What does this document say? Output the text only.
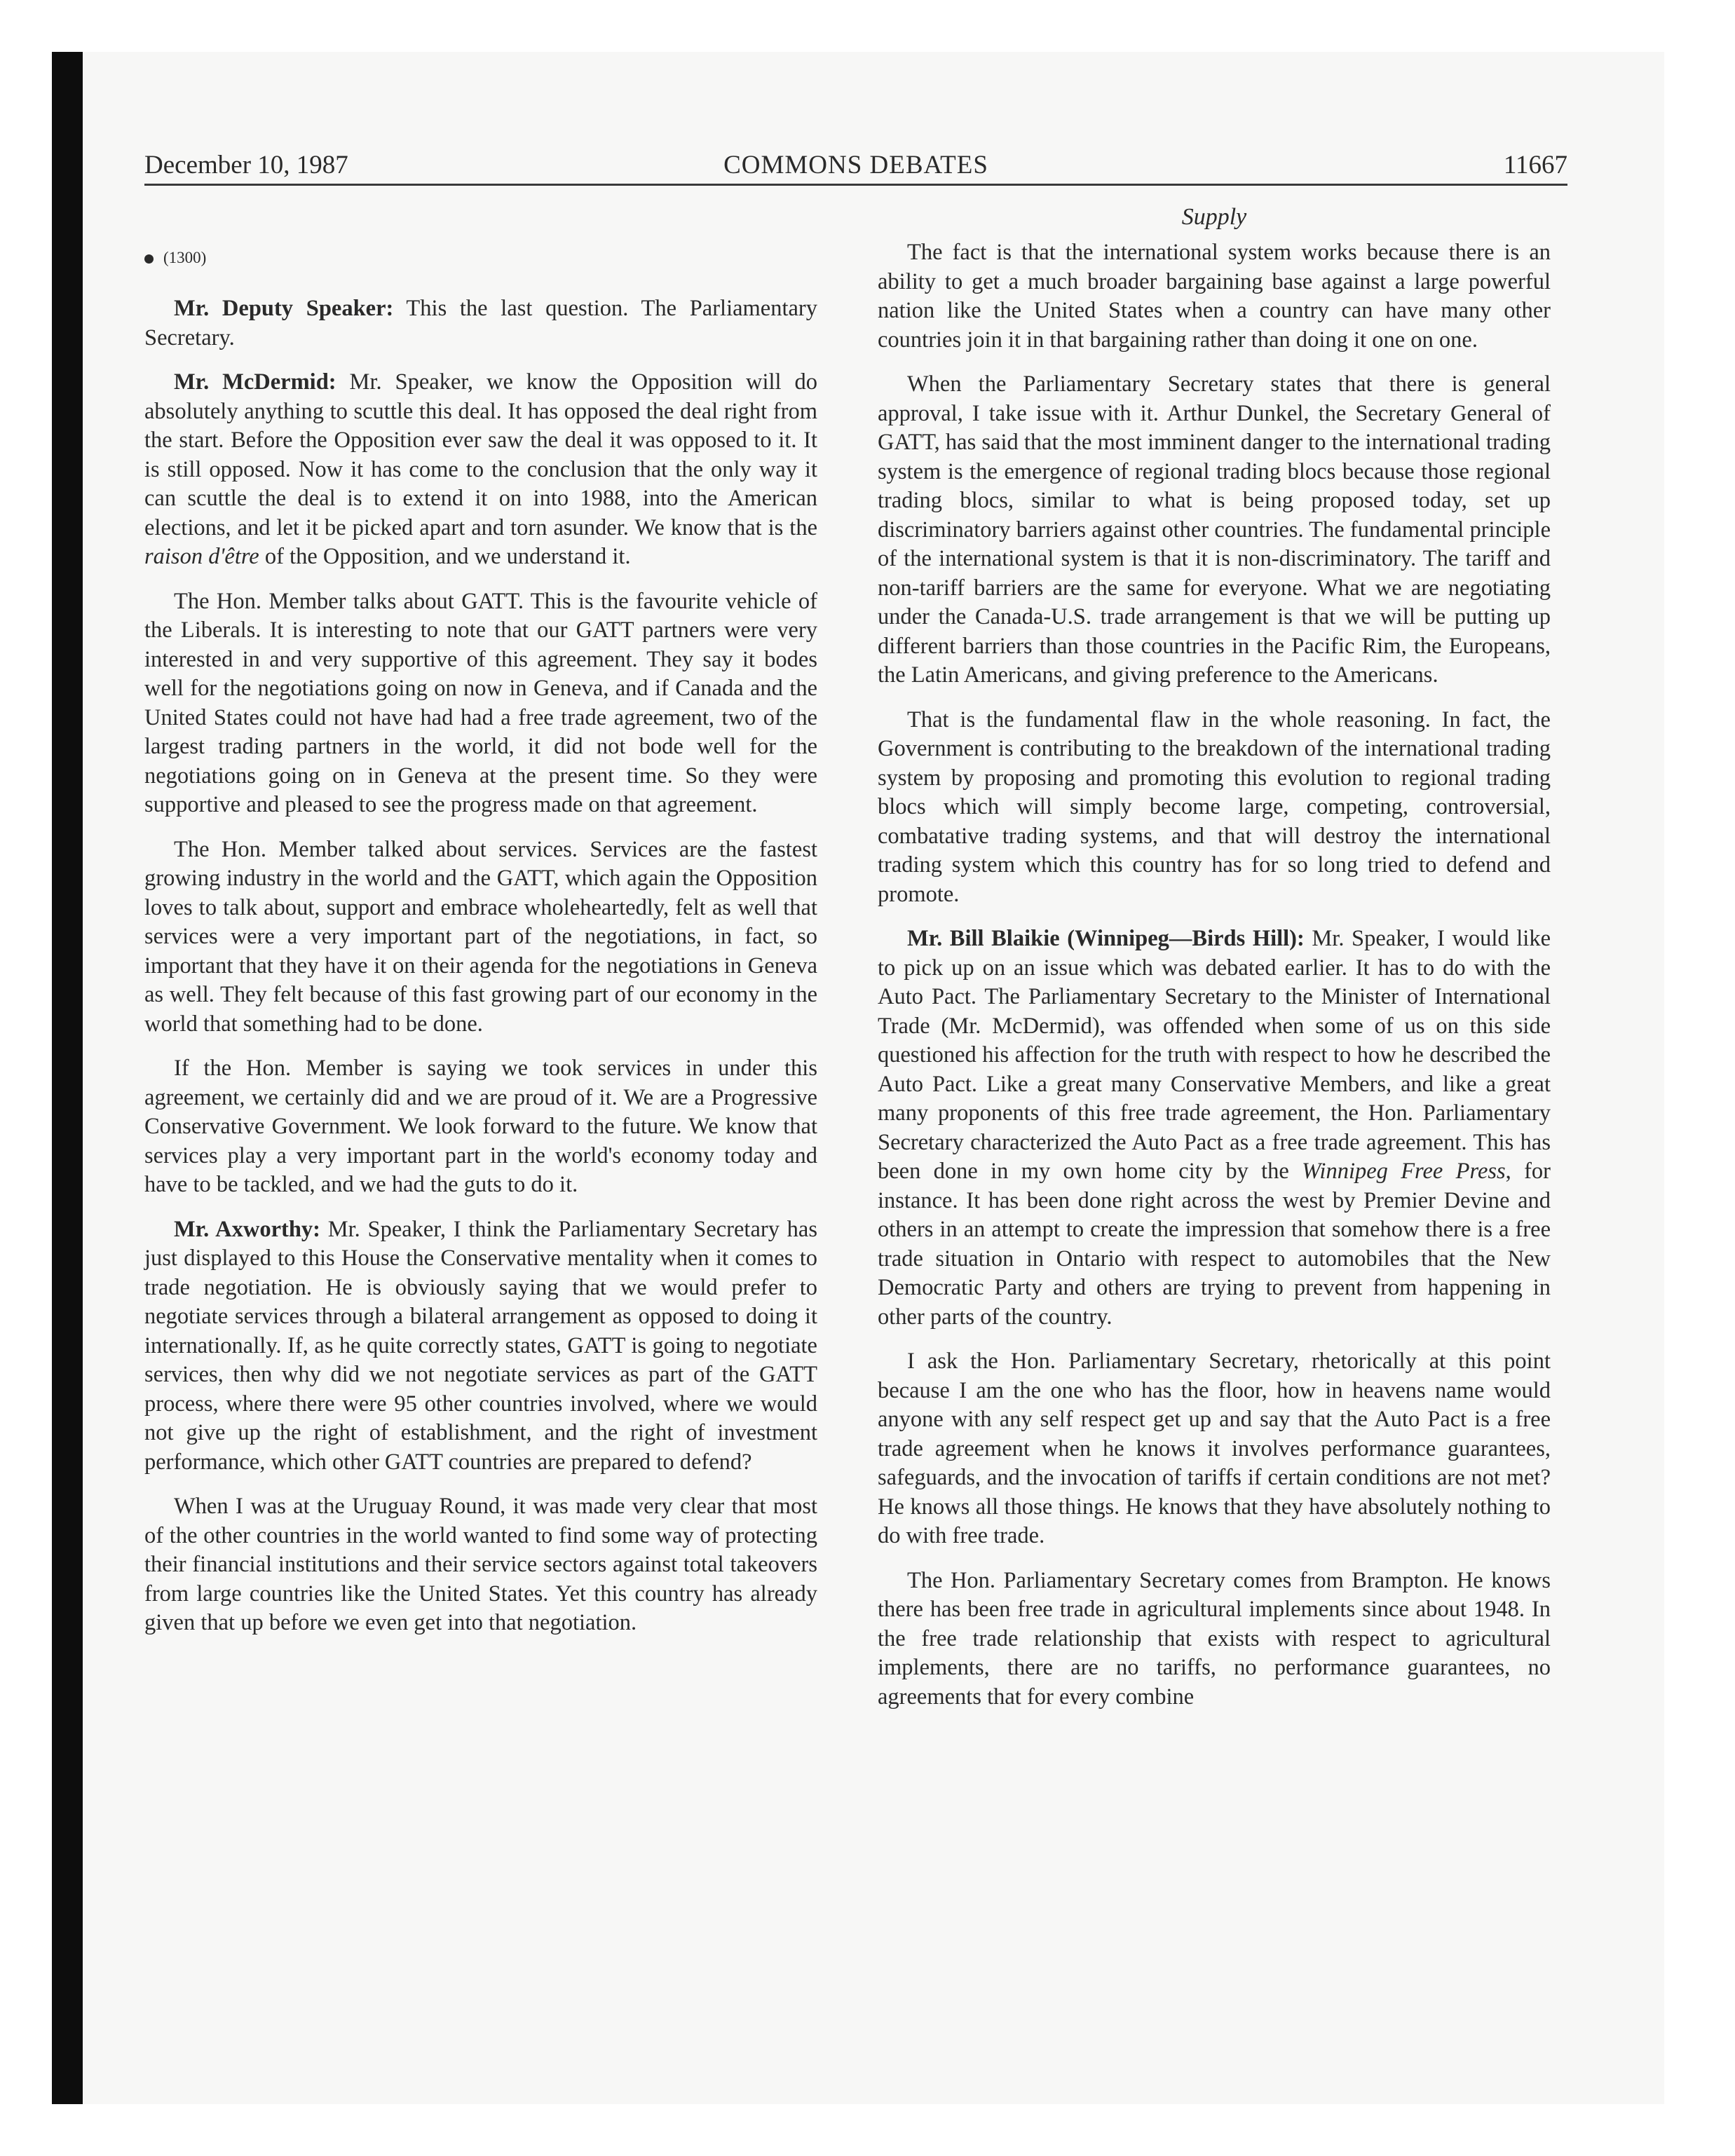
December 10, 1987	COMMONS DEBATES	11667
(1300)

Mr. Deputy Speaker: This the last question. The Parliamentary Secretary.

Mr. McDermid: Mr. Speaker, we know the Opposition will do absolutely anything to scuttle this deal. It has opposed the deal right from the start. Before the Opposition ever saw the deal it was opposed to it. It is still opposed. Now it has come to the conclusion that the only way it can scuttle the deal is to extend it on into 1988, into the American elections, and let it be picked apart and torn asunder. We know that is the raison d'être of the Opposition, and we understand it.

The Hon. Member talks about GATT. This is the favourite vehicle of the Liberals. It is interesting to note that our GATT partners were very interested in and very supportive of this agreement. They say it bodes well for the negotiations going on now in Geneva, and if Canada and the United States could not have had had a free trade agreement, two of the largest trading partners in the world, it did not bode well for the negotiations going on in Geneva at the present time. So they were supportive and pleased to see the progress made on that agreement.

The Hon. Member talked about services. Services are the fastest growing industry in the world and the GATT, which again the Opposition loves to talk about, support and embrace wholeheartedly, felt as well that services were a very important part of the negotiations, in fact, so important that they have it on their agenda for the negotiations in Geneva as well. They felt because of this fast growing part of our economy in the world that something had to be done.

If the Hon. Member is saying we took services in under this agreement, we certainly did and we are proud of it. We are a Progressive Conservative Government. We look forward to the future. We know that services play a very important part in the world's economy today and have to be tackled, and we had the guts to do it.

Mr. Axworthy: Mr. Speaker, I think the Parliamentary Secretary has just displayed to this House the Conservative mentality when it comes to trade negotiation. He is obviously saying that we would prefer to negotiate services through a bilateral arrangement as opposed to doing it internationally. If, as he quite correctly states, GATT is going to negotiate services, then why did we not negotiate services as part of the GATT process, where there were 95 other countries involved, where we would not give up the right of establishment, and the right of investment performance, which other GATT countries are prepared to defend?

When I was at the Uruguay Round, it was made very clear that most of the other countries in the world wanted to find some way of protecting their financial institutions and their service sectors against total takeovers from large countries like the United States. Yet this country has already given that up before we even get into that negotiation.

Supply

The fact is that the international system works because there is an ability to get a much broader bargaining base against a large powerful nation like the United States when a country can have many other countries join it in that bargaining rather than doing it one on one.

When the Parliamentary Secretary states that there is general approval, I take issue with it. Arthur Dunkel, the Secretary General of GATT, has said that the most imminent danger to the international trading system is the emergence of regional trading blocs because those regional trading blocs, similar to what is being proposed today, set up discriminatory barriers against other countries. The fundamental principle of the international system is that it is non-discriminatory. The tariff and non-tariff barriers are the same for everyone. What we are negotiating under the Canada-U.S. trade arrangement is that we will be putting up different barriers than those countries in the Pacific Rim, the Europeans, the Latin Americans, and giving preference to the Americans.

That is the fundamental flaw in the whole reasoning. In fact, the Government is contributing to the breakdown of the international trading system by proposing and promoting this evolution to regional trading blocs which will simply become large, competing, controversial, combatative trading systems, and that will destroy the international trading system which this country has for so long tried to defend and promote.

Mr. Bill Blaikie (Winnipeg—Birds Hill): Mr. Speaker, I would like to pick up on an issue which was debated earlier. It has to do with the Auto Pact. The Parliamentary Secretary to the Minister of International Trade (Mr. McDermid), was offended when some of us on this side questioned his affection for the truth with respect to how he described the Auto Pact. Like a great many Conservative Members, and like a great many proponents of this free trade agreement, the Hon. Parliamentary Secretary characterized the Auto Pact as a free trade agreement. This has been done in my own home city by the Winnipeg Free Press, for instance. It has been done right across the west by Premier Devine and others in an attempt to create the impression that somehow there is a free trade situation in Ontario with respect to automobiles that the New Democratic Party and others are trying to prevent from happening in other parts of the country.

I ask the Hon. Parliamentary Secretary, rhetorically at this point because I am the one who has the floor, how in heavens name would anyone with any self respect get up and say that the Auto Pact is a free trade agreement when he knows it involves performance guarantees, safeguards, and the invocation of tariffs if certain conditions are not met? He knows all those things. He knows that they have absolutely nothing to do with free trade.

The Hon. Parliamentary Secretary comes from Brampton. He knows there has been free trade in agricultural implements since about 1948. In the free trade relationship that exists with respect to agricultural implements, there are no tariffs, no performance guarantees, no agreements that for every combine
